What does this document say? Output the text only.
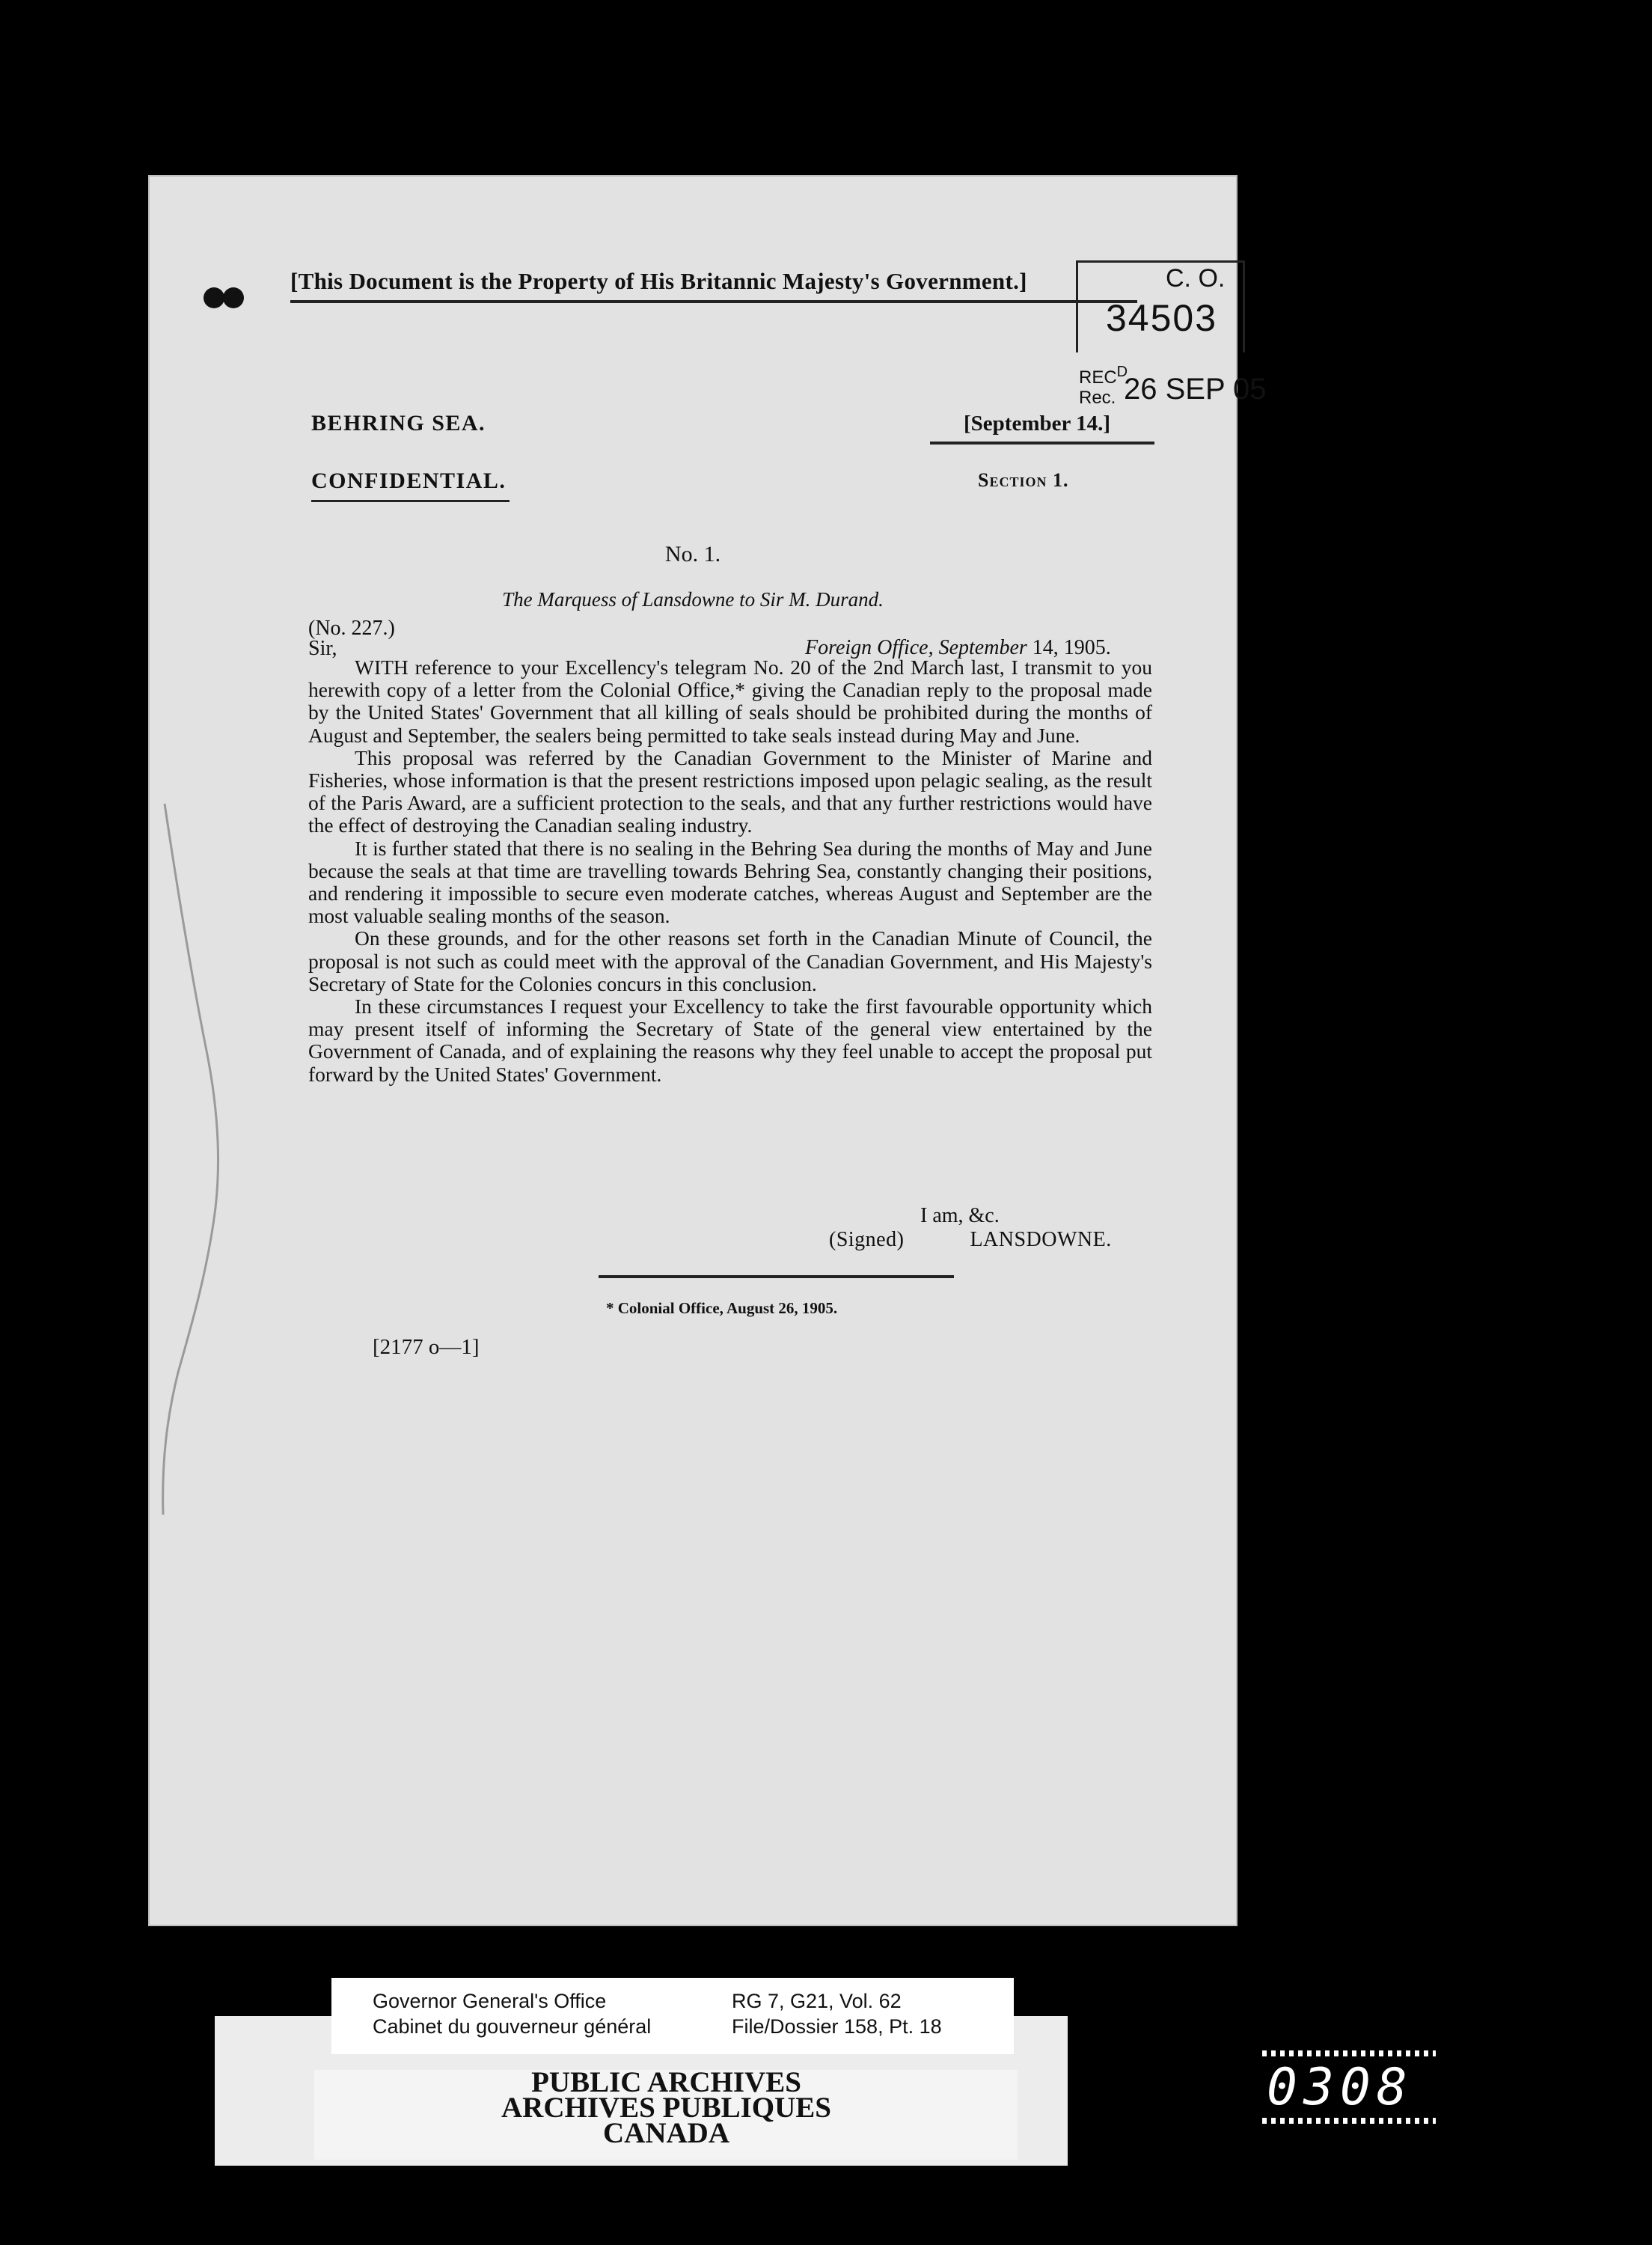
[This Document is the Property of His Britannic Majesty's Government.]	C. O.
34503
$REC^D$
Rec. 26 SEP 05
BEHRING SEA.	[September 14.]
CONFIDENTIAL.	Section 1.
No. 1.
The Marquess of Lansdowne to Sir M. Durand.
(No. 227.)
Sir,	Foreign Office, September 14, 1905.

WITH reference to your Excellency's telegram No. 20 of the 2nd March last, I transmit to you herewith copy of a letter from the Colonial Office,* giving the Canadian reply to the proposal made by the United States' Government that all killing of seals should be prohibited during the months of August and September, the sealers being permitted to take seals instead during May and June.

This proposal was referred by the Canadian Government to the Minister of Marine and Fisheries, whose information is that the present restrictions imposed upon pelagic sealing, as the result of the Paris Award, are a sufficient protection to the seals, and that any further restrictions would have the effect of destroying the Canadian sealing industry.

It is further stated that there is no sealing in the Behring Sea during the months of May and June because the seals at that time are travelling towards Behring Sea, constantly changing their positions, and rendering it impossible to secure even moderate catches, whereas August and September are the most valuable sealing months of the season.

On these grounds, and for the other reasons set forth in the Canadian Minute of Council, the proposal is not such as could meet with the approval of the Canadian Government, and His Majesty's Secretary of State for the Colonies concurs in this conclusion.

In these circumstances I request your Excellency to take the first favourable opportunity which may present itself of informing the Secretary of State of the general view entertained by the Government of Canada, and of explaining the reasons why they feel unable to accept the proposal put forward by the United States' Government.

I am, &c.
(Signed)	LANSDOWNE.
* Colonial Office, August 26, 1905.
[2177 o—1]
Governor General's Office
Cabinet du gouverneur général
RG 7, G21, Vol. 62
File/Dossier 158, Pt. 18
PUBLIC ARCHIVES
ARCHIVES PUBLIQUES
CANADA
0308
